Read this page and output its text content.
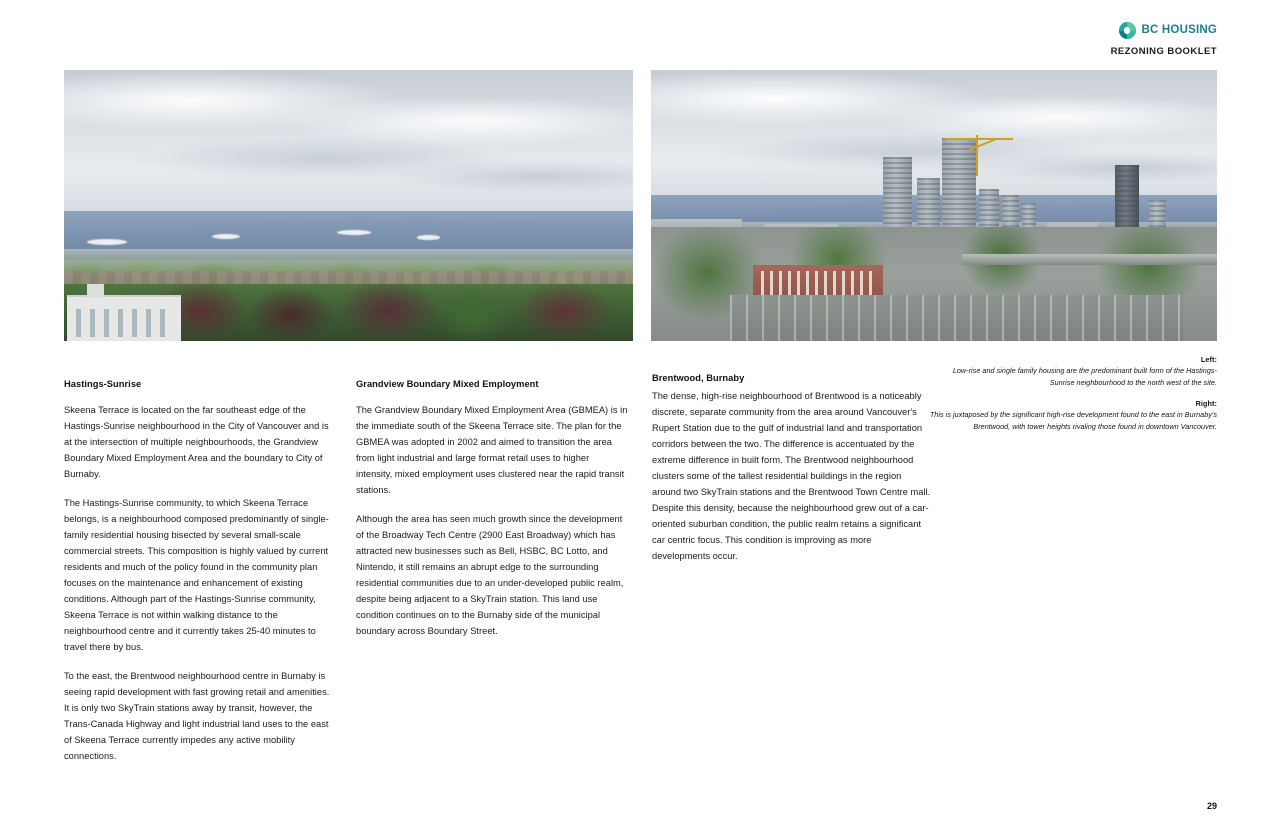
BC HOUSING
REZONING BOOKLET
Left:
Low-rise and single family housing are the predominant built form of the Hastings-Sunrise neighbourhood to the north west of the site.
Right:
This is juxtaposed by the significant high-rise development found to the east in Burnaby's Brentwood, with tower heights rivaling those found in downtown Vancouver.
Hastings-Sunrise

Skeena Terrace is located on the far southeast edge of the Hastings-Sunrise neighbourhood in the City of Vancouver and is at the intersection of multiple neighbourhoods, the Grandview Boundary Mixed Employment Area and the boundary to City of Burnaby.

The Hastings-Sunrise community, to which Skeena Terrace belongs, is a neighbourhood composed predominantly of single-family residential housing bisected by several small-scale commercial streets. This composition is highly valued by current residents and much of the policy found in the community plan focuses on the maintenance and enhancement of existing conditions. Although part of the Hastings-Sunrise community, Skeena Terrace is not within walking distance to the neighbourhood centre and it currently takes 25-40 minutes to travel there by bus.

To the east, the Brentwood neighbourhood centre in Burnaby is seeing rapid development with fast growing retail and amenities. It is only two SkyTrain stations away by transit, however, the Trans-Canada Highway and light industrial land uses to the east of Skeena Terrace currently impedes any active mobility connections.

Grandview Boundary Mixed Employment

The Grandview Boundary Mixed Employment Area (GBMEA) is in the immediate south of the Skeena Terrace site. The plan for the GBMEA was adopted in 2002 and aimed to transition the area from light industrial and large format retail uses to higher intensity, mixed employment uses clustered near the rapid transit stations.

Although the area has seen much growth since the development of the Broadway Tech Centre (2900 East Broadway) which has attracted new businesses such as Bell, HSBC, BC Lotto, and Nintendo, it still remains an abrupt edge to the surrounding residential communities due to an under-developed public realm, despite being adjacent to a SkyTrain station. This land use condition continues on to the Burnaby side of the municipal boundary across Boundary Street.

Brentwood, Burnaby

The dense, high-rise neighbourhood of Brentwood is a noticeably discrete, separate community from the area around Vancouver's Rupert Station due to the gulf of industrial land and transportation corridors between the two. The difference is accentuated by the extreme difference in built form. The Brentwood neighbourhood clusters some of the tallest residential buildings in the region around two SkyTrain stations and the Brentwood Town Centre mall. Despite this density, because the neighbourhood grew out of a car-oriented suburban condition, the public realm retains a significant car centric focus. This condition is improving as more developments occur.

29
